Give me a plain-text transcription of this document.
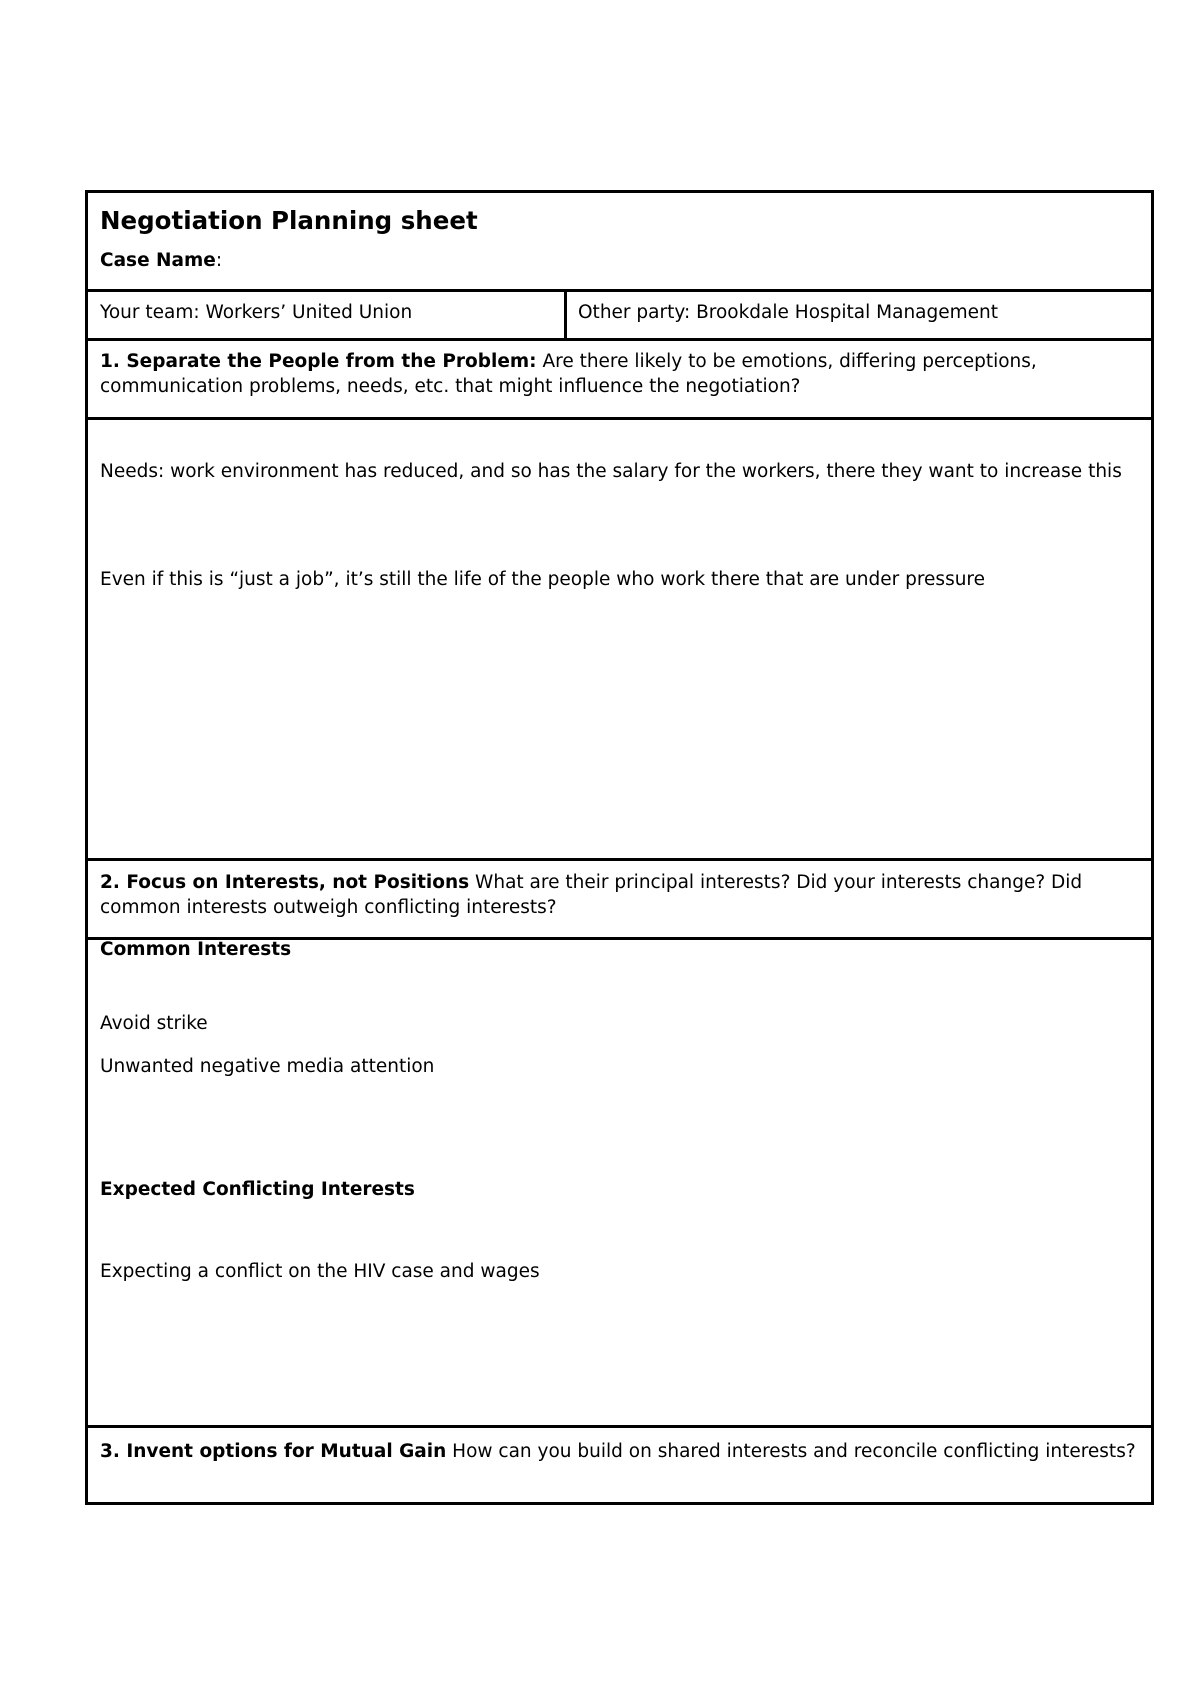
Negotiation Planning sheet
Case Name:
Your team: Workers’ United Union	Other party: Brookdale Hospital Management
1. Separate the People from the Problem: Are there likely to be emotions, differing perceptions, communication problems, needs, etc. that might influence the negotiation?
Needs: work environment has reduced, and so has the salary for the workers, there they want to increase this
Even if this is “just a job”, it’s still the life of the people who work there that are under pressure
2. Focus on Interests, not Positions What are their principal interests? Did your interests change? Did common interests outweigh conflicting interests?
Common Interests
Avoid strike
Unwanted negative media attention
Expected Conflicting Interests
Expecting a conflict on the HIV case and wages
3. Invent options for Mutual Gain How can you build on shared interests and reconcile conflicting interests?
